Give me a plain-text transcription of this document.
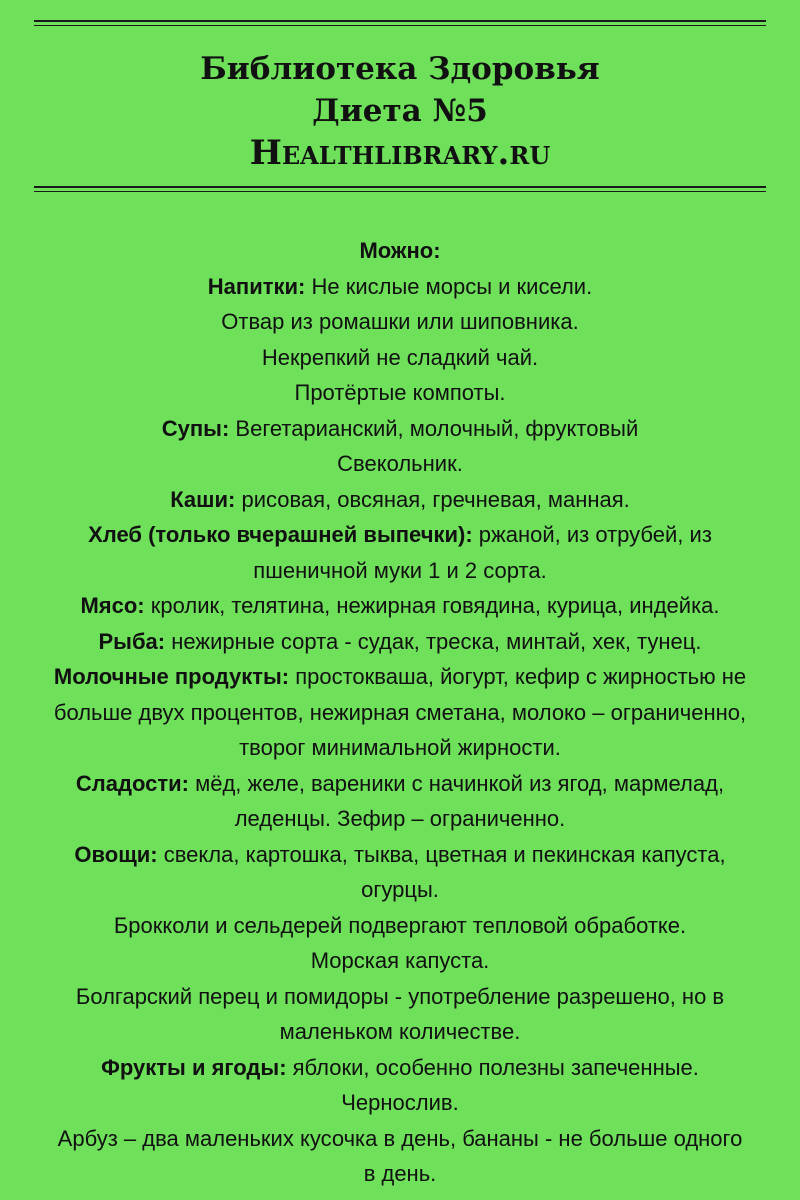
Библиотека Здоровья
Диета №5
Healthlibrary.ru
Можно:
Напитки: Не кислые морсы и кисели.
Отвар из ромашки или шиповника.
Некрепкий не сладкий чай.
Протёртые компоты.
Супы: Вегетарианский, молочный, фруктовый
Свекольник.
Каши: рисовая, овсяная, гречневая, манная.
Хлеб (только вчерашней выпечки): ржаной, из отрубей, из
пшеничной муки 1 и 2 сорта.
Мясо: кролик, телятина, нежирная говядина, курица, индейка.
Рыба: нежирные сорта - судак, треска, минтай, хек, тунец.
Молочные продукты: простокваша, йогурт, кефир с жирностью не
больше двух процентов, нежирная сметана, молоко – ограниченно,
творог минимальной жирности.
Сладости: мёд, желе, вареники с начинкой из ягод, мармелад,
леденцы. Зефир – ограниченно.
Овощи: свекла, картошка, тыква, цветная и пекинская капуста,
огурцы.
Брокколи и сельдерей подвергают тепловой обработке.
Морская капуста.
Болгарский перец и помидоры - употребление разрешено, но в
маленьком количестве.
Фрукты и ягоды: яблоки, особенно полезны запеченные.
Чернослив.
Арбуз – два маленьких кусочка в день, бананы - не больше одного
в день.
